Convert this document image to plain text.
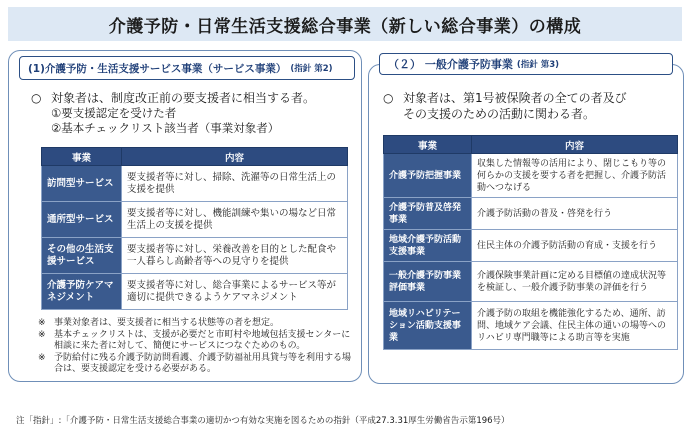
介護予防・日常生活支援総合事業（新しい総合事業）の構成
(1)介護予防・生活支援サービス事業（サービス事業） (指針 第2)
○ 対象者は、制度改正前の要支援者に相当する者。
①要支援認定を受けた者
②基本チェックリスト該当者（事業対象者）
事業	内容
訪問型サービス	要支援者等に対し、掃除、洗濯等の日常生活上の支援を提供
通所型サービス	要支援者等に対し、機能訓練や集いの場など日常生活上の支援を提供
その他の生活支援サービス	要支援者等に対し、栄養改善を目的とした配食や一人暮らし高齢者等への見守りを提供
介護予防ケアマネジメント	要支援者等に対し、総合事業によるサービス等が適切に提供できるようケアマネジメント
※ 事業対象者は、要支援者に相当する状態等の者を想定。
※ 基本チェックリストは、支援が必要だと市町村や地域包括支援センターに相談に来た者に対して、簡便にサービスにつなぐためのもの。
※ 予防給付に残る介護予防訪問看護、介護予防福祉用具貸与等を利用する場合は、要支援認定を受ける必要がある。
（２） 一般介護予防事業 (指針 第3)
○ 対象者は、第1号被保険者の全ての者及び
その支援のための活動に関わる者。
事業	内容
介護予防把握事業	収集した情報等の活用により、閉じこもり等の何らかの支援を要する者を把握し、介護予防活動へつなげる
介護予防普及啓発事業	介護予防活動の普及・啓発を行う
地域介護予防活動支援事業	住民主体の介護予防活動の育成・支援を行う
一般介護予防事業評価事業	介護保険事業計画に定める目標値の達成状況等を検証し、一般介護予防事業の評価を行う
地域リハビリテーション活動支援事業	介護予防の取組を機能強化するため、通所、訪問、地域ケア会議、住民主体の通いの場等へのリハビリ専門職等による助言等を実施
注「指針」:「介護予防・日常生活支援総合事業の適切かつ有効な実施を図るための指針（平成27.3.31厚生労働省告示第196号）
